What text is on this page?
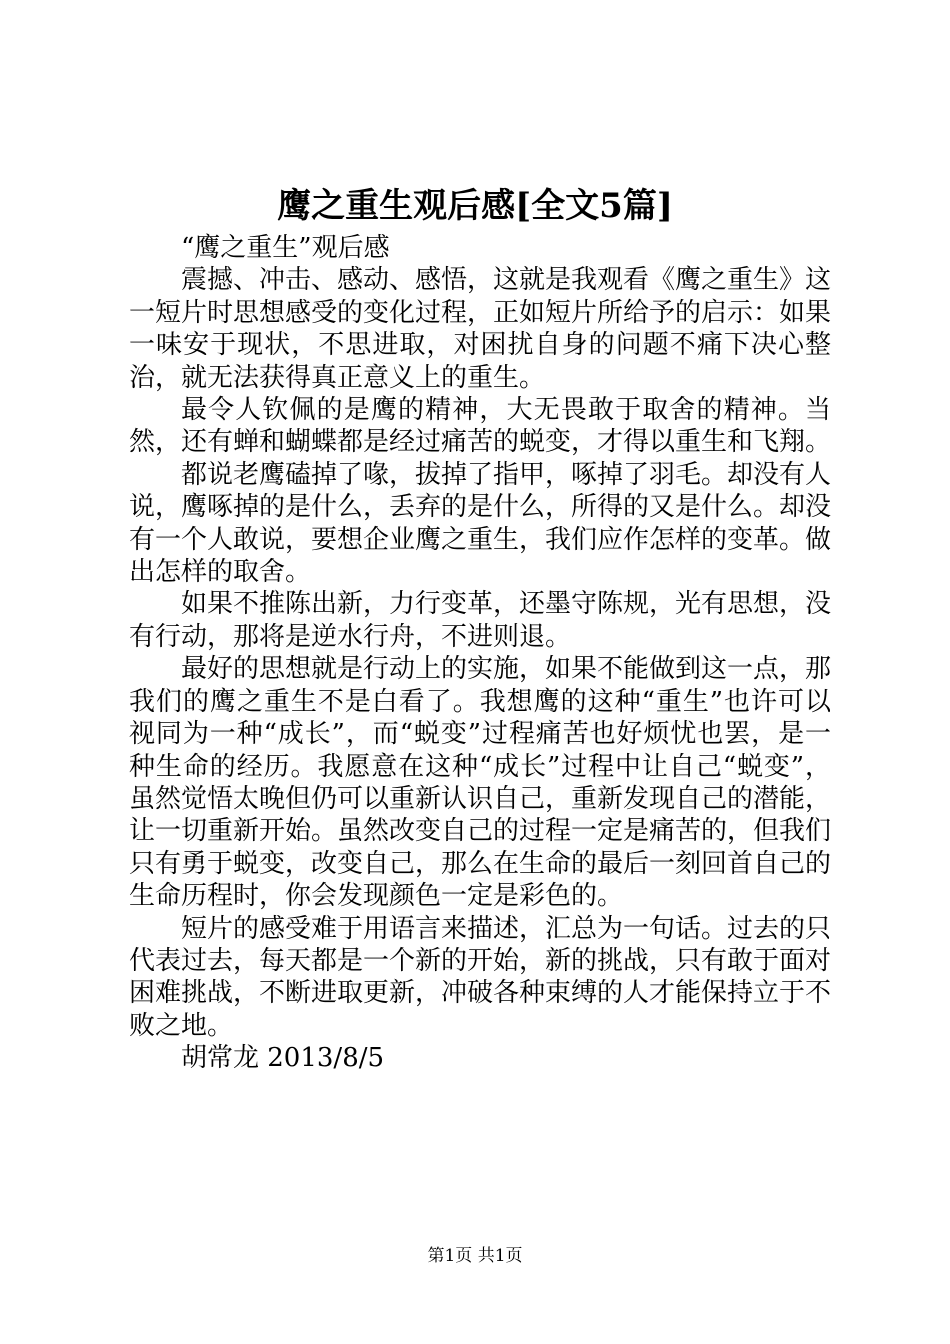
鹰之重生观后感[全文5篇]

“鹰之重生”观后感

震撼、冲击、感动、感悟，这就是我观看《鹰之重生》这一短片时思想感受的变化过程，正如短片所给予的启示：如果一味安于现状，不思进取，对困扰自身的问题不痛下决心整治，就无法获得真正意义上的重生。

最令人钦佩的是鹰的精神，大无畏敢于取舍的精神。当然，还有蝉和蝴蝶都是经过痛苦的蜕变，才得以重生和飞翔。

都说老鹰磕掉了喙，拔掉了指甲，啄掉了羽毛。却没有人说，鹰啄掉的是什么，丢弃的是什么，所得的又是什么。却没有一个人敢说，要想企业鹰之重生，我们应作怎样的变革。做出怎样的取舍。

如果不推陈出新，力行变革，还墨守陈规，光有思想，没有行动，那将是逆水行舟，不进则退。

最好的思想就是行动上的实施，如果不能做到这一点，那我们的鹰之重生不是白看了。我想鹰的这种“重生”也许可以视同为一种“成长”，而“蜕变”过程痛苦也好烦忧也罢，是一种生命的经历。我愿意在这种“成长”过程中让自己“蜕变”，虽然觉悟太晚但仍可以重新认识自己，重新发现自己的潜能，让一切重新开始。虽然改变自己的过程一定是痛苦的，但我们只有勇于蜕变，改变自己，那么在生命的最后一刻回首自己的生命历程时，你会发现颜色一定是彩色的。

短片的感受难于用语言来描述，汇总为一句话。过去的只代表过去，每天都是一个新的开始，新的挑战，只有敢于面对困难挑战，不断进取更新，冲破各种束缚的人才能保持立于不败之地。

胡常龙 2013/8/5

第1页 共1页
